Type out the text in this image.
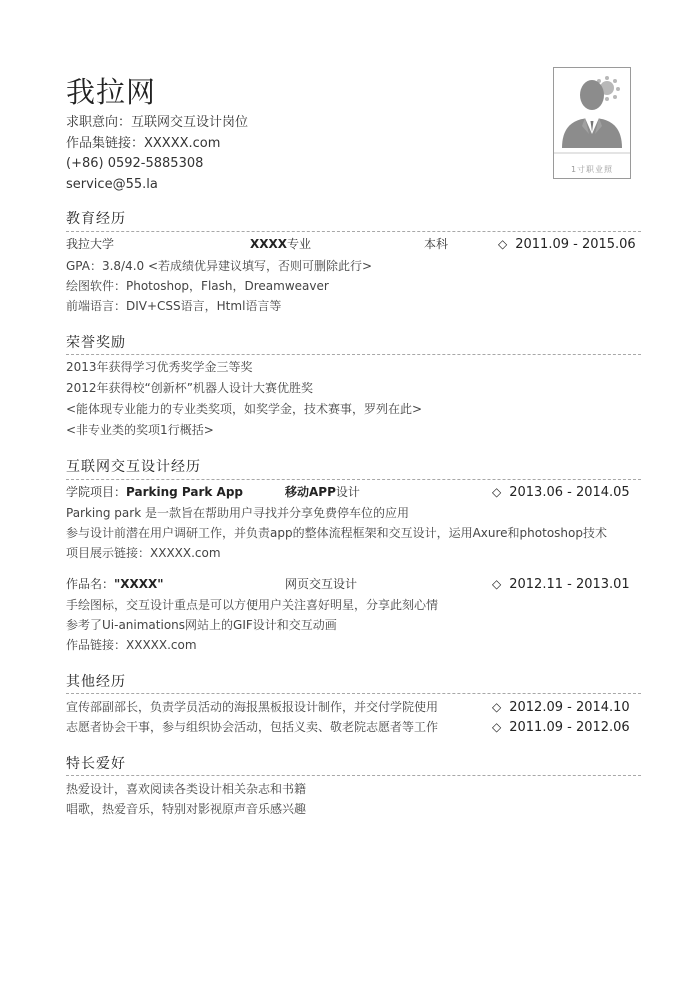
我拉网
求职意向：互联网交互设计岗位
作品集链接：XXXXX.com
(+86) 0592-5885308
service@55.la
1寸职业照
教育经历
我拉大学	XXXX专业	本科	◇ 2011.09 - 2015.06
GPA：3.8/4.0 <若成绩优异建议填写，否则可删除此行>
绘图软件：Photoshop，Flash，Dreamweaver
前端语言：DIV+CSS语言，Html语言等
荣誉奖励
2013年获得学习优秀奖学金三等奖
2012年获得校“创新杯”机器人设计大赛优胜奖
<能体现专业能力的专业类奖项，如奖学金，技术赛事，罗列在此>
<非专业类的奖项1行概括>
互联网交互设计经历
学院项目：Parking Park App	移动APP设计	◇ 2013.06 - 2014.05
Parking park 是一款旨在帮助用户寻找并分享免费停车位的应用
参与设计前潜在用户调研工作，并负责app的整体流程框架和交互设计，运用Axure和photoshop技术
项目展示链接：XXXXX.com
作品名："XXXX"	网页交互设计	◇ 2012.11 - 2013.01
手绘图标，交互设计重点是可以方便用户关注喜好明星，分享此刻心情
参考了Ui-animations网站上的GIF设计和交互动画
作品链接：XXXXX.com
其他经历
宣传部副部长，负责学员活动的海报黑板报设计制作，并交付学院使用	◇ 2012.09 - 2014.10
志愿者协会干事，参与组织协会活动，包括义卖、敬老院志愿者等工作	◇ 2011.09 - 2012.06
特长爱好
热爱设计，喜欢阅读各类设计相关杂志和书籍
唱歌，热爱音乐，特别对影视原声音乐感兴趣
